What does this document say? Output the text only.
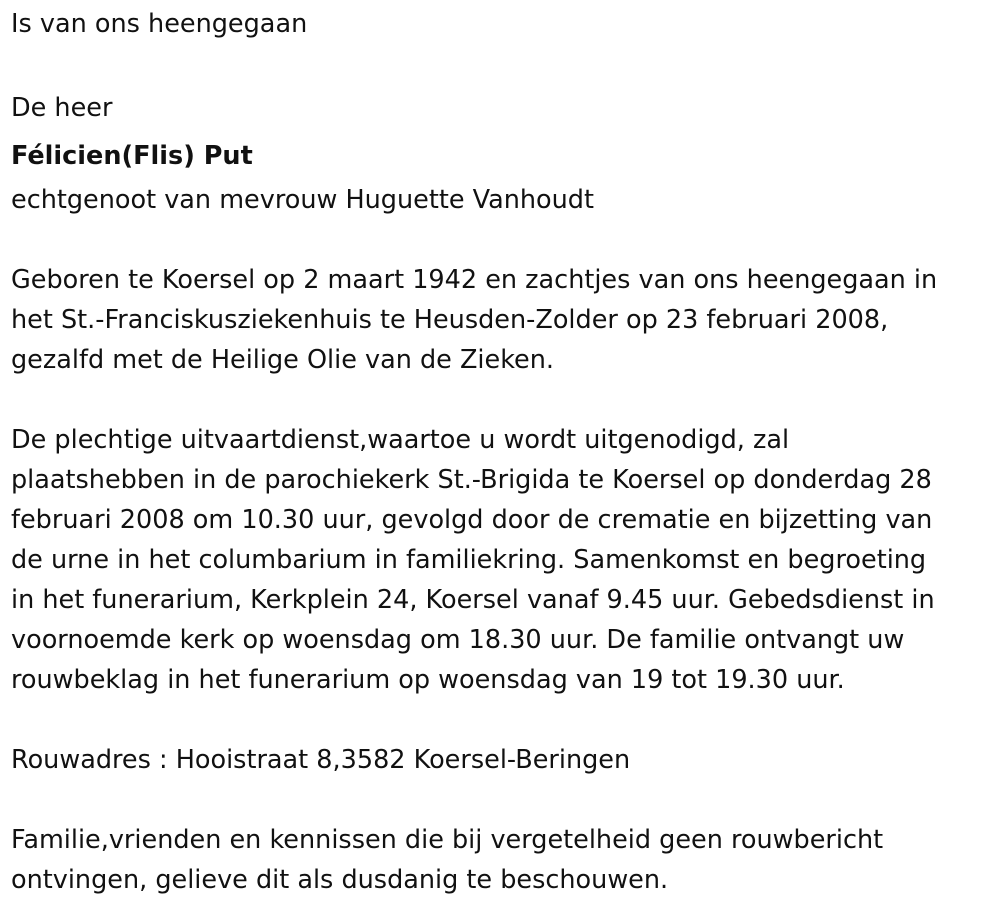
Is van ons heengegaan

De heer

Félicien(Flis) Put

echtgenoot van mevrouw Huguette Vanhoudt

Geboren te Koersel op 2 maart 1942 en zachtjes van ons heengegaan in
het St.-Franciskusziekenhuis te Heusden-Zolder op 23 februari 2008,
gezalfd met de Heilige Olie van de Zieken.

De plechtige uitvaartdienst,waartoe u wordt uitgenodigd, zal
plaatshebben in de parochiekerk St.-Brigida te Koersel op donderdag 28
februari 2008 om 10.30 uur, gevolgd door de crematie en bijzetting van
de urne in het columbarium in familiekring. Samenkomst en begroeting
in het funerarium, Kerkplein 24, Koersel vanaf 9.45 uur. Gebedsdienst in
voornoemde kerk op woensdag om 18.30 uur. De familie ontvangt uw
rouwbeklag in het funerarium op woensdag van 19 tot 19.30 uur.

Rouwadres : Hooistraat 8,3582 Koersel-Beringen

Familie,vrienden en kennissen die bij vergetelheid geen rouwbericht
ontvingen, gelieve dit als dusdanig te beschouwen.
